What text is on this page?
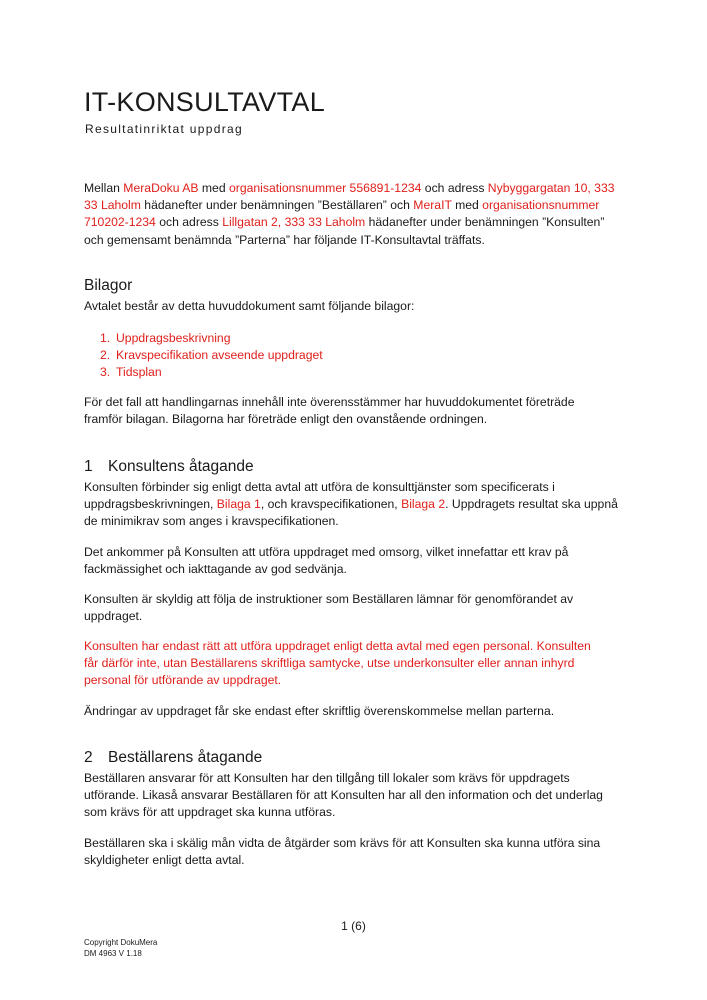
IT-KONSULTAVTAL
Resultatinriktat uppdrag
Mellan MeraDoku AB med organisationsnummer 556891-1234 och adress Nybyggargatan 10, 333
33 Laholm hädanefter under benämningen ”Beställaren” och MeraIT med organisationsnummer
710202-1234 och adress Lillgatan 2, 333 33 Laholm hädanefter under benämningen ”Konsulten”
och gemensamt benämnda ”Parterna” har följande IT-Konsultavtal träffats.
Bilagor
Avtalet består av detta huvuddokument samt följande bilagor:
1. Uppdragsbeskrivning
2. Kravspecifikation avseende uppdraget
3. Tidsplan
För det fall att handlingarnas innehåll inte överensstämmer har huvuddokumentet företräde
framför bilagan. Bilagorna har företräde enligt den ovanstående ordningen.
1 Konsultens åtagande
Konsulten förbinder sig enligt detta avtal att utföra de konsulttjänster som specificerats i
uppdragsbeskrivningen, Bilaga 1, och kravspecifikationen, Bilaga 2. Uppdragets resultat ska uppnå
de minimikrav som anges i kravspecifikationen.
Det ankommer på Konsulten att utföra uppdraget med omsorg, vilket innefattar ett krav på
fackmässighet och iakttagande av god sedvänja.
Konsulten är skyldig att följa de instruktioner som Beställaren lämnar för genomförandet av
uppdraget.
Konsulten har endast rätt att utföra uppdraget enligt detta avtal med egen personal. Konsulten
får därför inte, utan Beställarens skriftliga samtycke, utse underkonsulter eller annan inhyrd
personal för utförande av uppdraget.
Ändringar av uppdraget får ske endast efter skriftlig överenskommelse mellan parterna.
2 Beställarens åtagande
Beställaren ansvarar för att Konsulten har den tillgång till lokaler som krävs för uppdragets
utförande. Likaså ansvarar Beställaren för att Konsulten har all den information och det underlag
som krävs för att uppdraget ska kunna utföras.
Beställaren ska i skälig mån vidta de åtgärder som krävs för att Konsulten ska kunna utföra sina
skyldigheter enligt detta avtal.
1 (6)
Copyright DokuMera
DM 4963 V 1.18
